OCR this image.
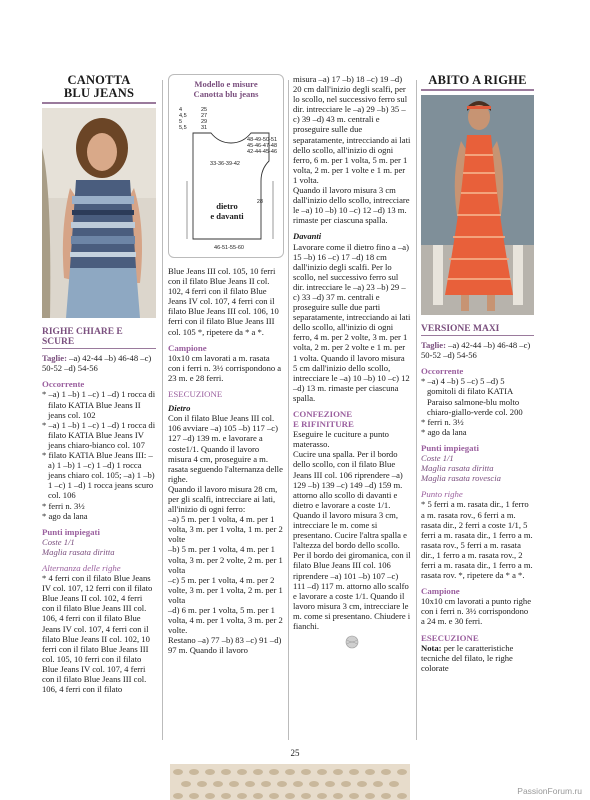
CANOTTA
BLU JEANS
RIGHE CHIARE E SCURE

Taglie: –a) 42-44 –b) 46-48 –c) 50-52 –d) 54-56

Occorrente

* –a) 1 –b) 1 –c) 1 –d) 1 rocca di filato KATIA Blue Jeans II jeans col. 102

* –a) 1 –b) 1 –c) 1 –d) 1 rocca di filato KATIA Blue Jeans IV jeans chiaro-bianco col. 107

* filato KATIA Blue Jeans III: –a) 1 –b) 1 –c) 1 –d) 1 rocca jeans chiaro col. 105; –a) 1 –b) 1 –c) 1 –d) 1 rocca jeans scuro col. 106

* ferri n. 3½

* ago da lana

Punti impiegati

Coste 1/1

Maglia rasata diritta

Alternanza delle righe

* 4 ferri con il filato Blue Jeans IV col. 107, 12 ferri con il filato Blue Jeans II col. 102, 4 ferri con il filato Blue Jeans III col. 106, 4 ferri con il filato Blue Jeans IV col. 107, 4 ferri con il filato Blue Jeans II col. 102, 10 ferri con il filato Blue Jeans III col. 105, 10 ferri con il filato Blue Jeans IV col. 107, 4 ferri con il filato Blue Jeans III col. 106, 4 ferri con il filato

Modello e misure
Canotta blu jeans
4
4,5
5
5,5
25
27
29
31
48-49-50-51
45-46-47-48
42-44-45-46
33-36-39-42
28
dietro
e davanti
46-51-55-60

Blue Jeans III col. 105, 10 ferri con il filato Blue Jeans II col. 102, 4 ferri con il filato Blue Jeans IV col. 107, 4 ferri con il filato Blue Jeans III col. 106, 10 ferri con il filato Blue Jeans III col. 105 *, ripetere da * a *.

Campione

10x10 cm lavorati a m. rasata con i ferri n. 3½ corrispondono a 23 m. e 28 ferri.

ESECUZIONE

Dietro

Con il filato Blue Jeans III col. 106 avviare –a) 105 –b) 117 –c) 127 –d) 139 m. e lavorare a coste1/1. Quando il lavoro misura 4 cm, proseguire a m. rasata seguendo l'alternanza delle righe.

Quando il lavoro misura 28 cm, per gli scalfi, intrecciare ai lati, all'inizio di ogni ferro:

–a) 5 m. per 1 volta, 4 m. per 1 volta, 3 m. per 1 volta, 1 m. per 2 volte

–b) 5 m. per 1 volta, 4 m. per 1 volta, 3 m. per 2 volte, 2 m. per 1 volta

–c) 5 m. per 1 volta, 4 m. per 2 volte, 3 m. per 1 volta, 2 m. per 1 volta

–d) 6 m. per 1 volta, 5 m. per 1 volta, 4 m. per 1 volta, 3 m. per 2 volte.

Restano –a) 77 –b) 83 –c) 91 –d) 97 m. Quando il lavoro

misura –a) 17 –b) 18 –c) 19 –d) 20 cm dall'inizio degli scalfi, per lo scollo, nel successivo ferro sul dir. intrecciare le –a) 29 –b) 35 –c) 39 –d) 43 m. centrali e proseguire sulle due separatamente, intrecciando ai lati dello scollo, all'inizio di ogni ferro, 6 m. per 1 volta, 5 m. per 1 volta, 2 m. per 1 volte e 1 m. per 1 volta.

Quando il lavoro misura 3 cm dall'inizio dello scollo, intrecciare le –a) 10 –b) 10 –c) 12 –d) 13 m. rimaste per ciascuna spalla.

Davanti

Lavorare come il dietro fino a –a) 15 –b) 16 –c) 17 –d) 18 cm dall'inizio degli scalfi. Per lo scollo, nel successivo ferro sul dir. intrecciare le –a) 23 –b) 29 –c) 33 –d) 37 m. centrali e proseguire sulle due parti separatamente, intrecciando ai lati dello scollo, all'inizio di ogni ferro, 4 m. per 2 volte, 3 m. per 1 volta, 2 m. per 2 volte e 1 m. per 1 volta. Quando il lavoro misura 5 cm dall'inizio dello scollo, intrecciare le –a) 10 –b) 10 –c) 12 –d) 13 m. rimaste per ciascuna spalla.

CONFEZIONE
E RIFINITURE

Eseguire le cuciture a punto materasso.

Cucire una spalla. Per il bordo dello scollo, con il filato Blue Jeans III col. 106 riprendere –a) 129 –b) 139 –c) 149 –d) 159 m. attorno allo scollo di davanti e dietro e lavorare a coste 1/1. Quando il lavoro misura 3 cm, intrecciare le m. come si presentano. Cucire l'altra spalla e l'altezza del bordo dello scollo. Per il bordo dei giromanica, con il filato Blue Jeans III col. 106 riprendere –a) 101 –b) 107 –c) 111 –d) 117 m. attorno allo scalfo e lavorare a coste 1/1. Quando il lavoro misura 3 cm, intrecciare le m. come si presentano. Chiudere i fianchi.

ABITO A RIGHE
VERSIONE MAXI

Taglie: –a) 42-44 –b) 46-48 –c) 50-52 –d) 54-56

Occorrente

* –a) 4 –b) 5 –c) 5 –d) 5 gomitoli di filato KATIA Paraiso salmone-blu molto chiaro-giallo-verde col. 200

* ferri n. 3½

* ago da lana

Punti impiegati

Coste 1/1

Maglia rasata diritta

Maglia rasata rovescia

Punto righe

* 5 ferri a m. rasata dir., 1 ferro a m. rasata rov., 6 ferri a m. rasata dir., 2 ferri a coste 1/1, 5 ferri a m. rasata dir., 1 ferro a m. rasata rov., 5 ferri a m. rasata dir., 1 ferro a m. rasata rov., 2 ferri a m. rasata dir., 1 ferro a m. rasata rov. *, ripetere da * a *.

Campione

10x10 cm lavorati a punto righe con i ferri n. 3½ corrispondono a 24 m. e 30 ferri.

ESECUZIONE

Nota: per le caratteristiche tecniche del filato, le righe colorate

25
PassionForum.ru
